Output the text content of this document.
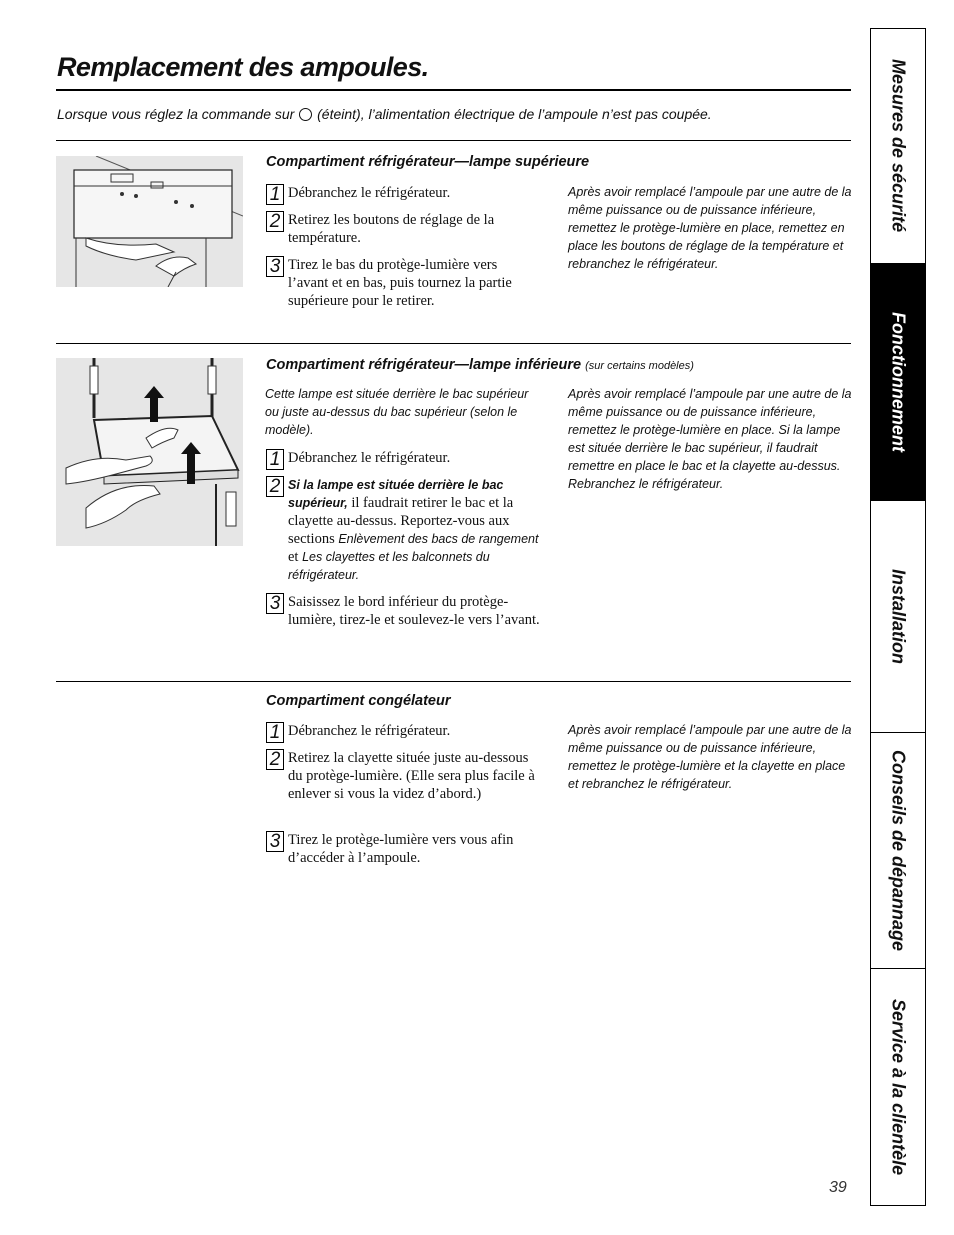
Remplacement des ampoules.

Lorsque vous réglez la commande sur (éteint), l’alimentation électrique de l’ampoule n’est pas coupée.

Compartiment réfrigérateur—lampe supérieure
1 Débranchez le réfrigérateur.
2 Retirez les boutons de réglage de la température.
3 Tirez le bas du protège-lumière vers l’avant et en bas, puis tournez la partie supérieure pour le retirer.

Après avoir remplacé l’ampoule par une autre de la même puissance ou de puissance inférieure, remettez le protège-lumière en place, remettez en place les boutons de réglage de la température et rebranchez le réfrigérateur.

Compartiment réfrigérateur—lampe inférieure (sur certains modèles)

Cette lampe est située derrière le bac supérieur ou juste au-dessus du bac supérieur (selon le modèle).

1 Débranchez le réfrigérateur.
2 Si la lampe est située derrière le bac supérieur, il faudrait retirer le bac et la clayette au-dessus. Reportez-vous aux sections Enlèvement des bacs de rangement et Les clayettes et les balconnets du réfrigérateur.
3 Saisissez le bord inférieur du protège-lumière, tirez-le et soulevez-le vers l’avant.

Après avoir remplacé l’ampoule par une autre de la même puissance ou de puissance inférieure, remettez le protège-lumière en place. Si la lampe est située derrière le bac supérieur, il faudrait remettre en place le bac et la clayette au-dessus. Rebranchez le réfrigérateur.

Compartiment congélateur
1 Débranchez le réfrigérateur.
2 Retirez la clayette située juste au-dessous du protège-lumière. (Elle sera plus facile à enlever si vous la videz d’abord.)
3 Tirez le protège-lumière vers vous afin d’accéder à l’ampoule.

Après avoir remplacé l’ampoule par une autre de la même puissance ou de puissance inférieure, remettez le protège-lumière et la clayette en place et rebranchez le réfrigérateur.

Mesures de sécurité
Fonctionnement
Installation
Conseils de dépannage
Service à la clientèle
39
